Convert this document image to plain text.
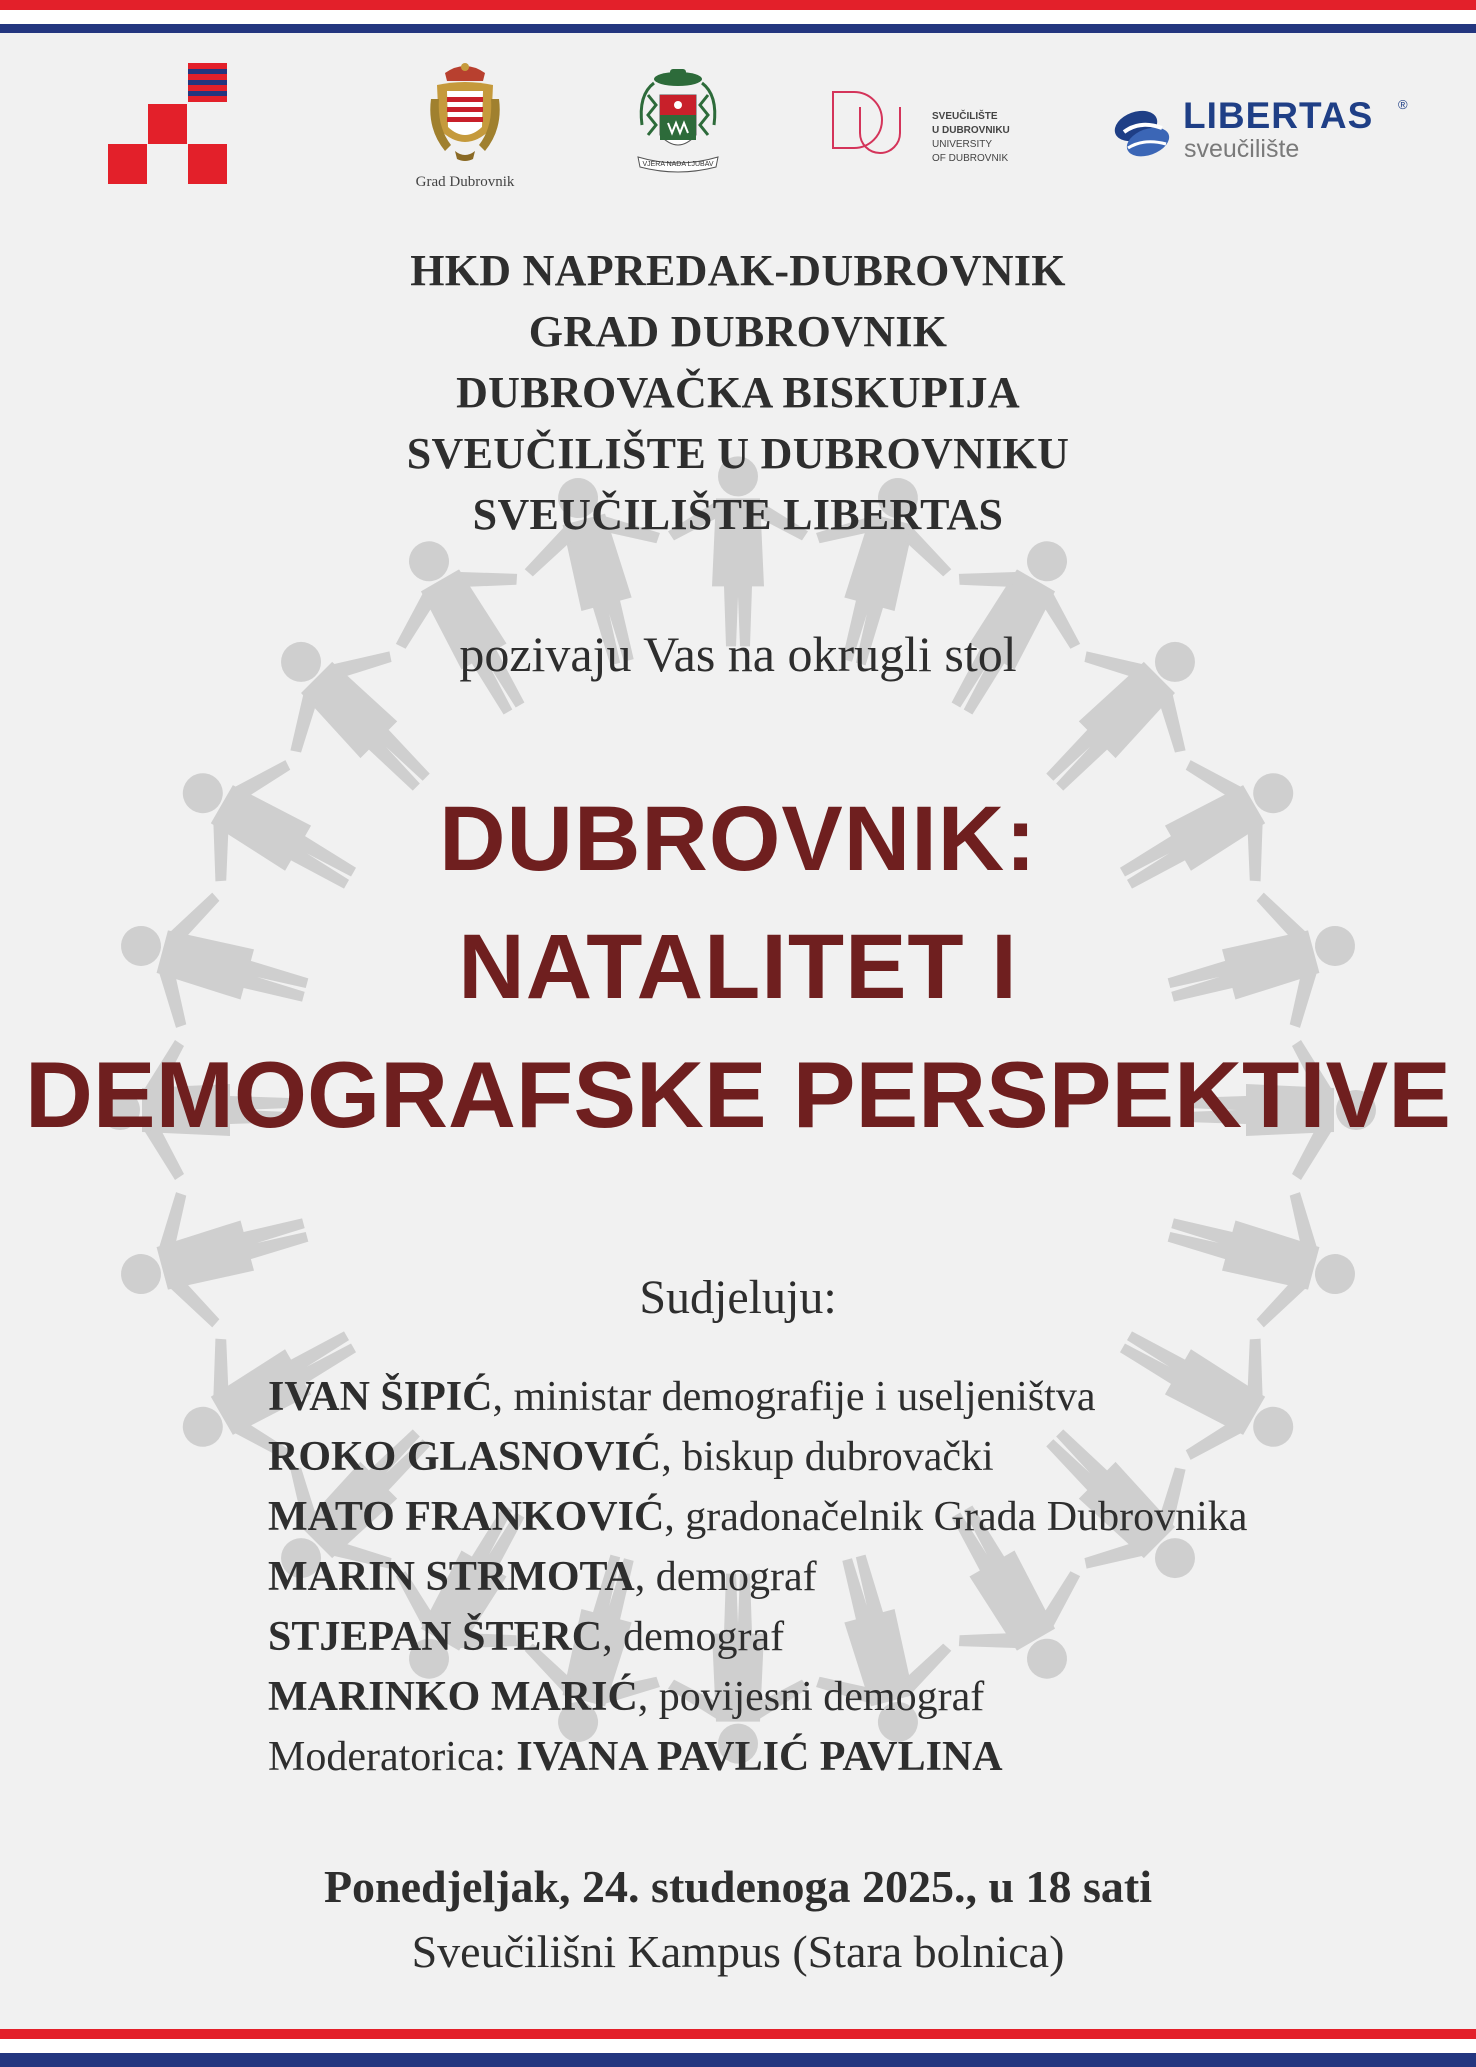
Grad Dubrovnik
VJERA NADA LJUBAV
SVEUČILIŠTE
U DUBROVNIKU
UNIVERSITY
OF DUBROVNIK
LIBERTAS ®
sveučilište
HKD NAPREDAK-DUBROVNIK
GRAD DUBROVNIK
DUBROVAČKA BISKUPIJA
SVEUČILIŠTE U DUBROVNIKU
SVEUČILIŠTE LIBERTAS
pozivaju Vas na okrugli stol
DUBROVNIK:
NATALITET I
DEMOGRAFSKE PERSPEKTIVE
Sudjeluju:
IVAN ŠIPIĆ, ministar demografije i useljeništva
ROKO GLASNOVIĆ, biskup dubrovački
MATO FRANKOVIĆ, gradonačelnik Grada Dubrovnika
MARIN STRMOTA, demograf
STJEPAN ŠTERC, demograf
MARINKO MARIĆ, povijesni demograf
Moderatorica: IVANA PAVLIĆ PAVLINA
Ponedjeljak, 24. studenoga 2025., u 18 sati
Sveučilišni Kampus (Stara bolnica)
